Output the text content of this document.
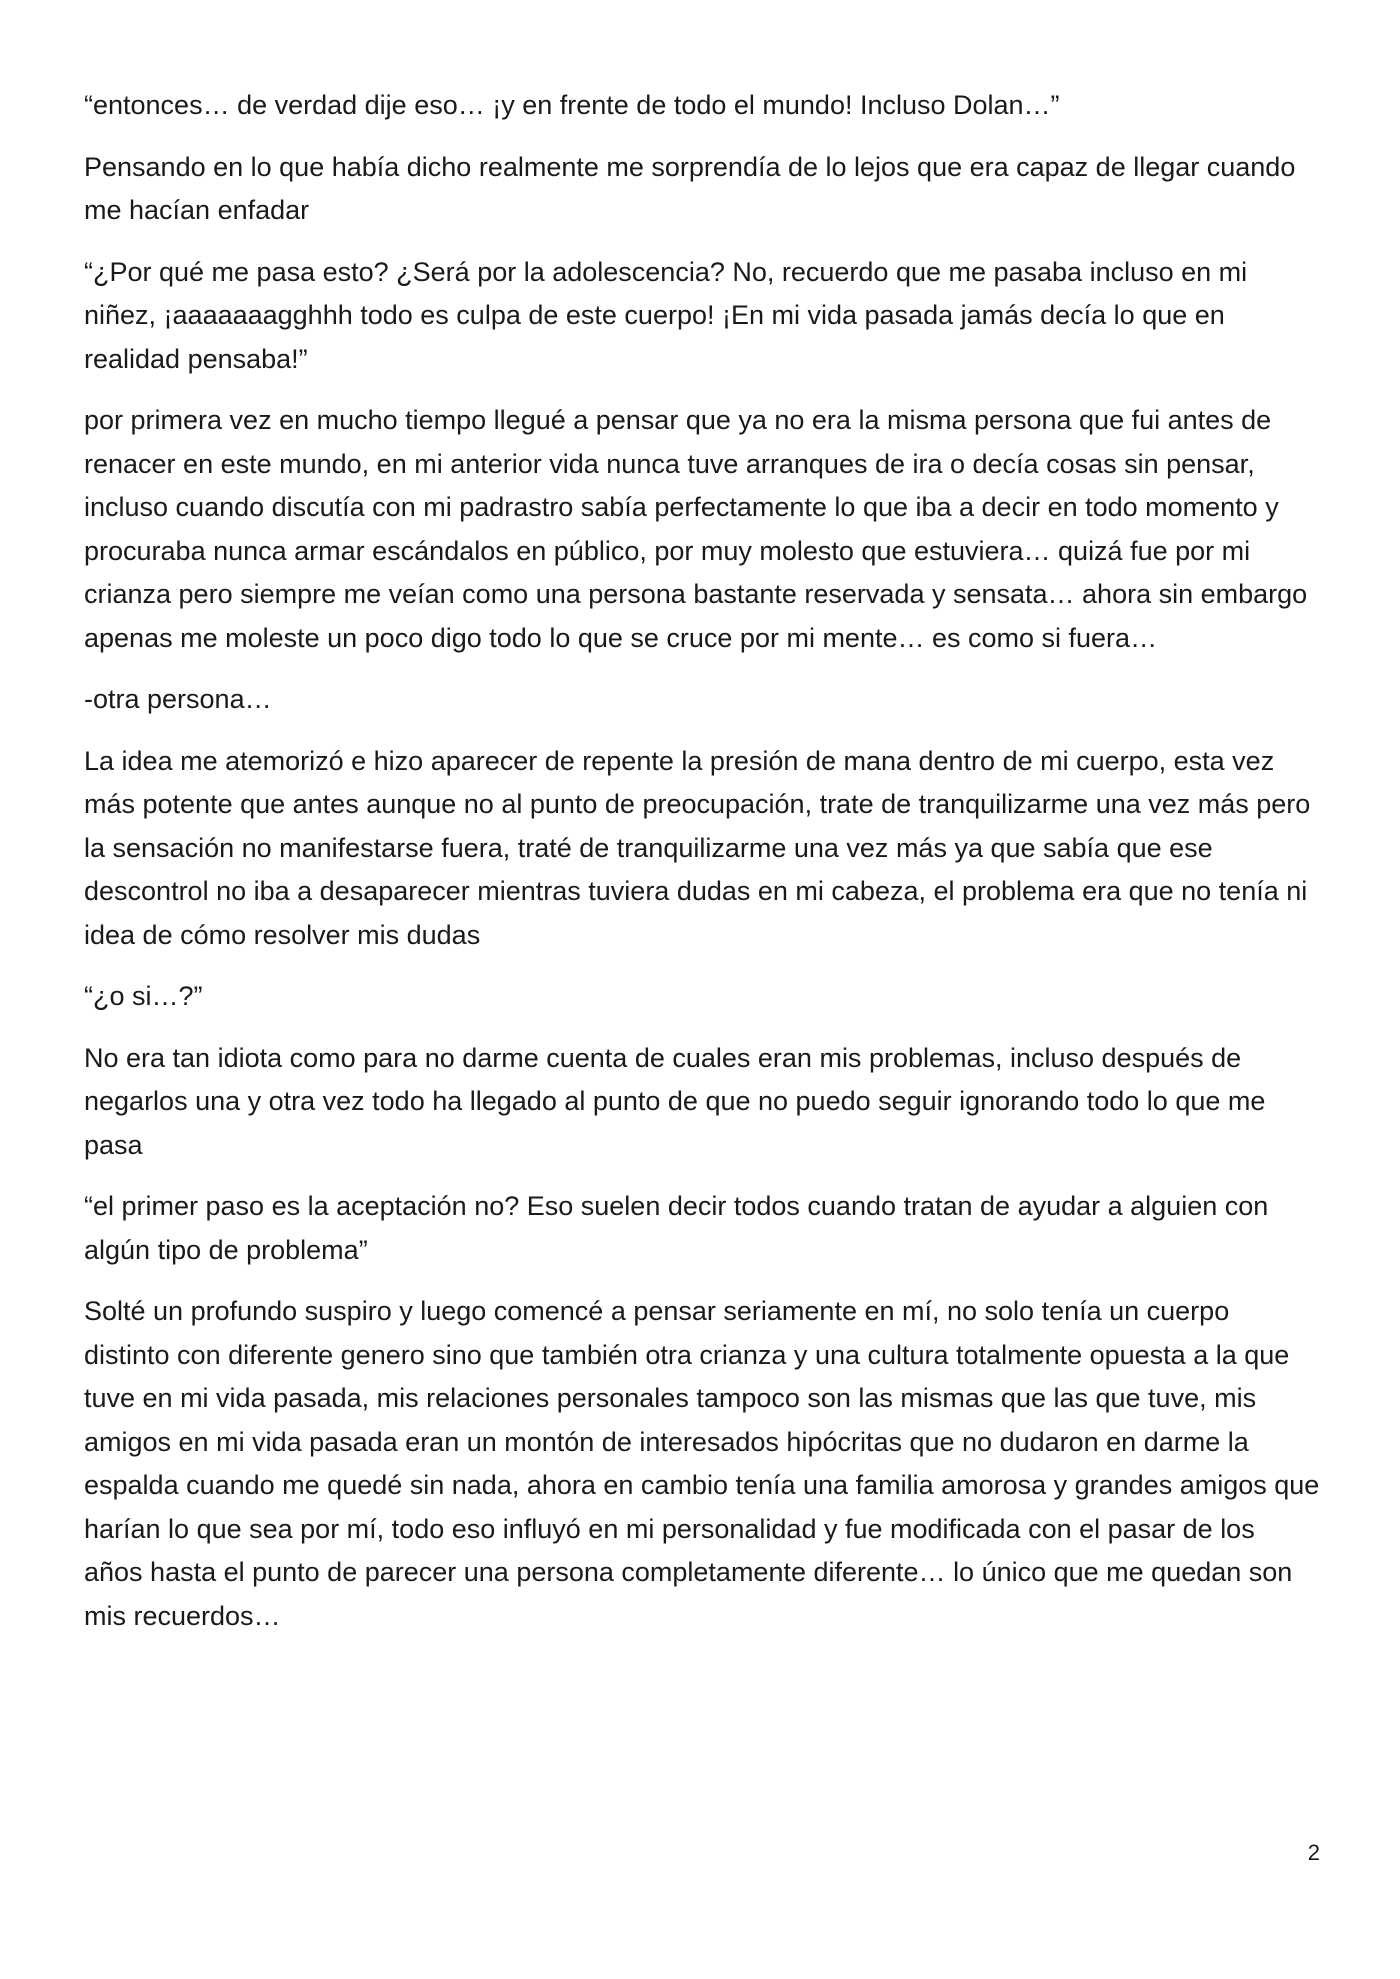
“entonces… de verdad dije eso… ¡y en frente de todo el mundo! Incluso Dolan…”

Pensando en lo que había dicho realmente me sorprendía de lo lejos que era capaz de llegar cuando me hacían enfadar

“¿Por qué me pasa esto? ¿Será por la adolescencia? No, recuerdo que me pasaba incluso en mi niñez, ¡aaaaaaagghhh todo es culpa de este cuerpo! ¡En mi vida pasada jamás decía lo que en realidad pensaba!”

por primera vez en mucho tiempo llegué a pensar que ya no era la misma persona que fui antes de renacer en este mundo, en mi anterior vida nunca tuve arranques de ira o decía cosas sin pensar, incluso cuando discutía con mi padrastro sabía perfectamente lo que iba a decir en todo momento y procuraba nunca armar escándalos en público, por muy molesto que estuviera… quizá fue por mi crianza pero siempre me veían como una persona bastante reservada y sensata… ahora sin embargo apenas me moleste un poco digo todo lo que se cruce por mi mente… es como si fuera…

-otra persona…

La idea me atemorizó e hizo aparecer de repente la presión de mana dentro de mi cuerpo, esta vez más potente que antes aunque no al punto de preocupación, trate de tranquilizarme una vez más pero la sensación no manifestarse fuera, traté de tranquilizarme una vez más ya que sabía que ese descontrol no iba a desaparecer mientras tuviera dudas en mi cabeza, el problema era que no tenía ni idea de cómo resolver mis dudas

“¿o si…?”

No era tan idiota como para no darme cuenta de cuales eran mis problemas, incluso después de negarlos una y otra vez todo ha llegado al punto de que no puedo seguir ignorando todo lo que me pasa

“el primer paso es la aceptación no? Eso suelen decir todos cuando tratan de ayudar a alguien con algún tipo de problema”

Solté un profundo suspiro y luego comencé a pensar seriamente en mí, no solo tenía un cuerpo distinto con diferente genero sino que también otra crianza y una cultura totalmente opuesta a la que tuve en mi vida pasada, mis relaciones personales tampoco son las mismas que las que tuve, mis amigos en mi vida pasada eran un montón de interesados hipócritas que no dudaron en darme la espalda cuando me quedé sin nada, ahora en cambio tenía una familia amorosa y grandes amigos que harían lo que sea por mí, todo eso influyó en mi personalidad y fue modificada con el pasar de los años hasta el punto de parecer una persona completamente diferente… lo único que me quedan son mis recuerdos…

2
